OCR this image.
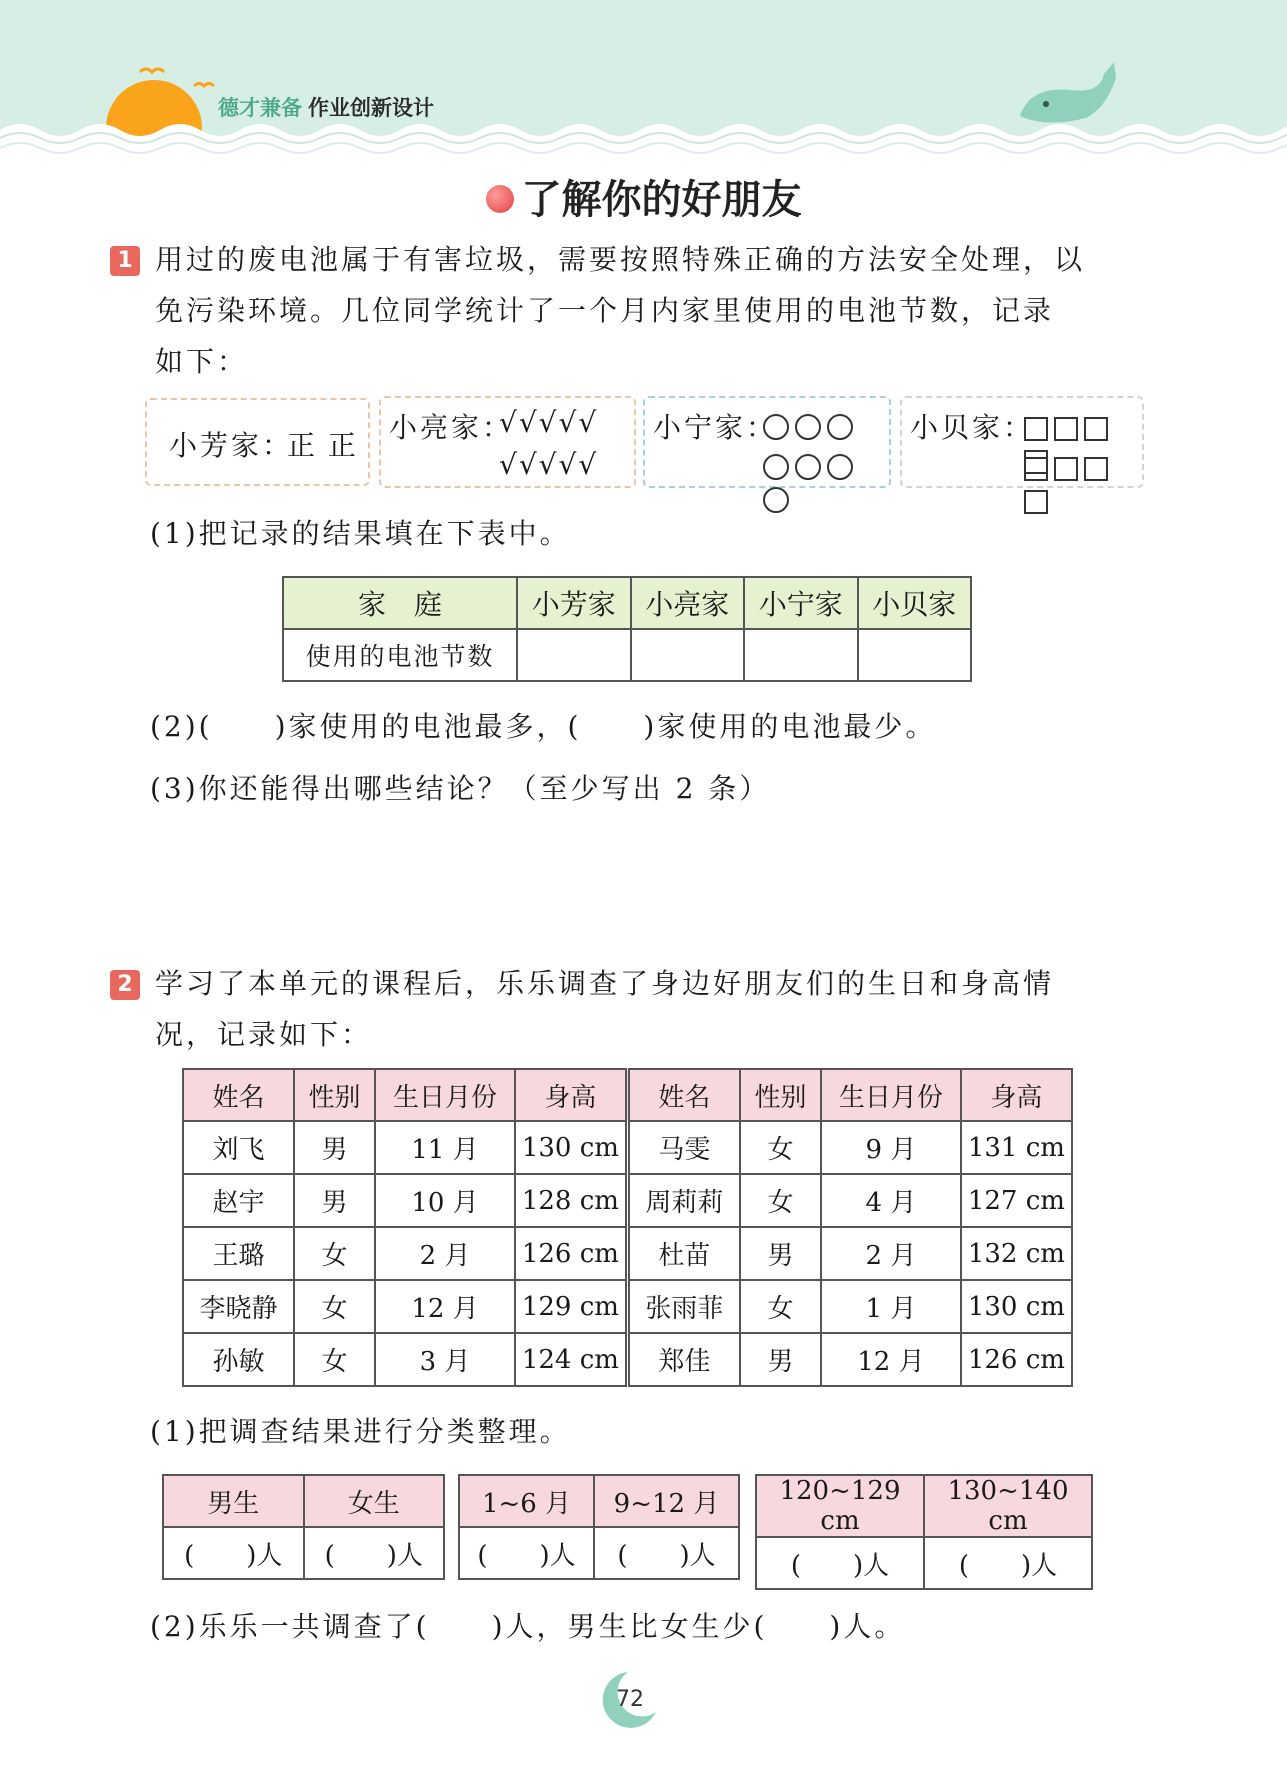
德才兼备 作业创新设计
了解你的好朋友
1 用过的废电池属于有害垃圾，需要按照特殊正确的方法安全处理，以
免污染环境。几位同学统计了一个月内家里使用的电池节数，记录
如下：
小芳家：
正 正
小亮家：
√√√√√
√√√√√
小宁家：	小贝家：
(1)把记录的结果填在下表中。
家　庭	小芳家	小亮家	小宁家	小贝家
使用的电池节数				
(2)(　　)家使用的电池最多，(　　)家使用的电池最少。
(3)你还能得出哪些结论？（至少写出 2 条）
2 学习了本单元的课程后，乐乐调查了身边好朋友们的生日和身高情
况，记录如下：
姓名	性别	生日月份	身高	姓名	性别	生日月份	身高
刘飞	男	11 月	130 cm	马雯	女	9 月	131 cm
赵宇	男	10 月	128 cm	周莉莉	女	4 月	127 cm
王璐	女	2 月	126 cm	杜苗	男	2 月	132 cm
李晓静	女	12 月	129 cm	张雨菲	女	1 月	130 cm
孙敏	女	3 月	124 cm	郑佳	男	12 月	126 cm
(1)把调查结果进行分类整理。
男生	女生
(　　)人	(　　)人
1~6 月	9~12 月
(　　)人	(　　)人
120~129 cm	130~140 cm
(　　)人	(　　)人
(2)乐乐一共调查了(　　)人，男生比女生少(　　)人。
72
